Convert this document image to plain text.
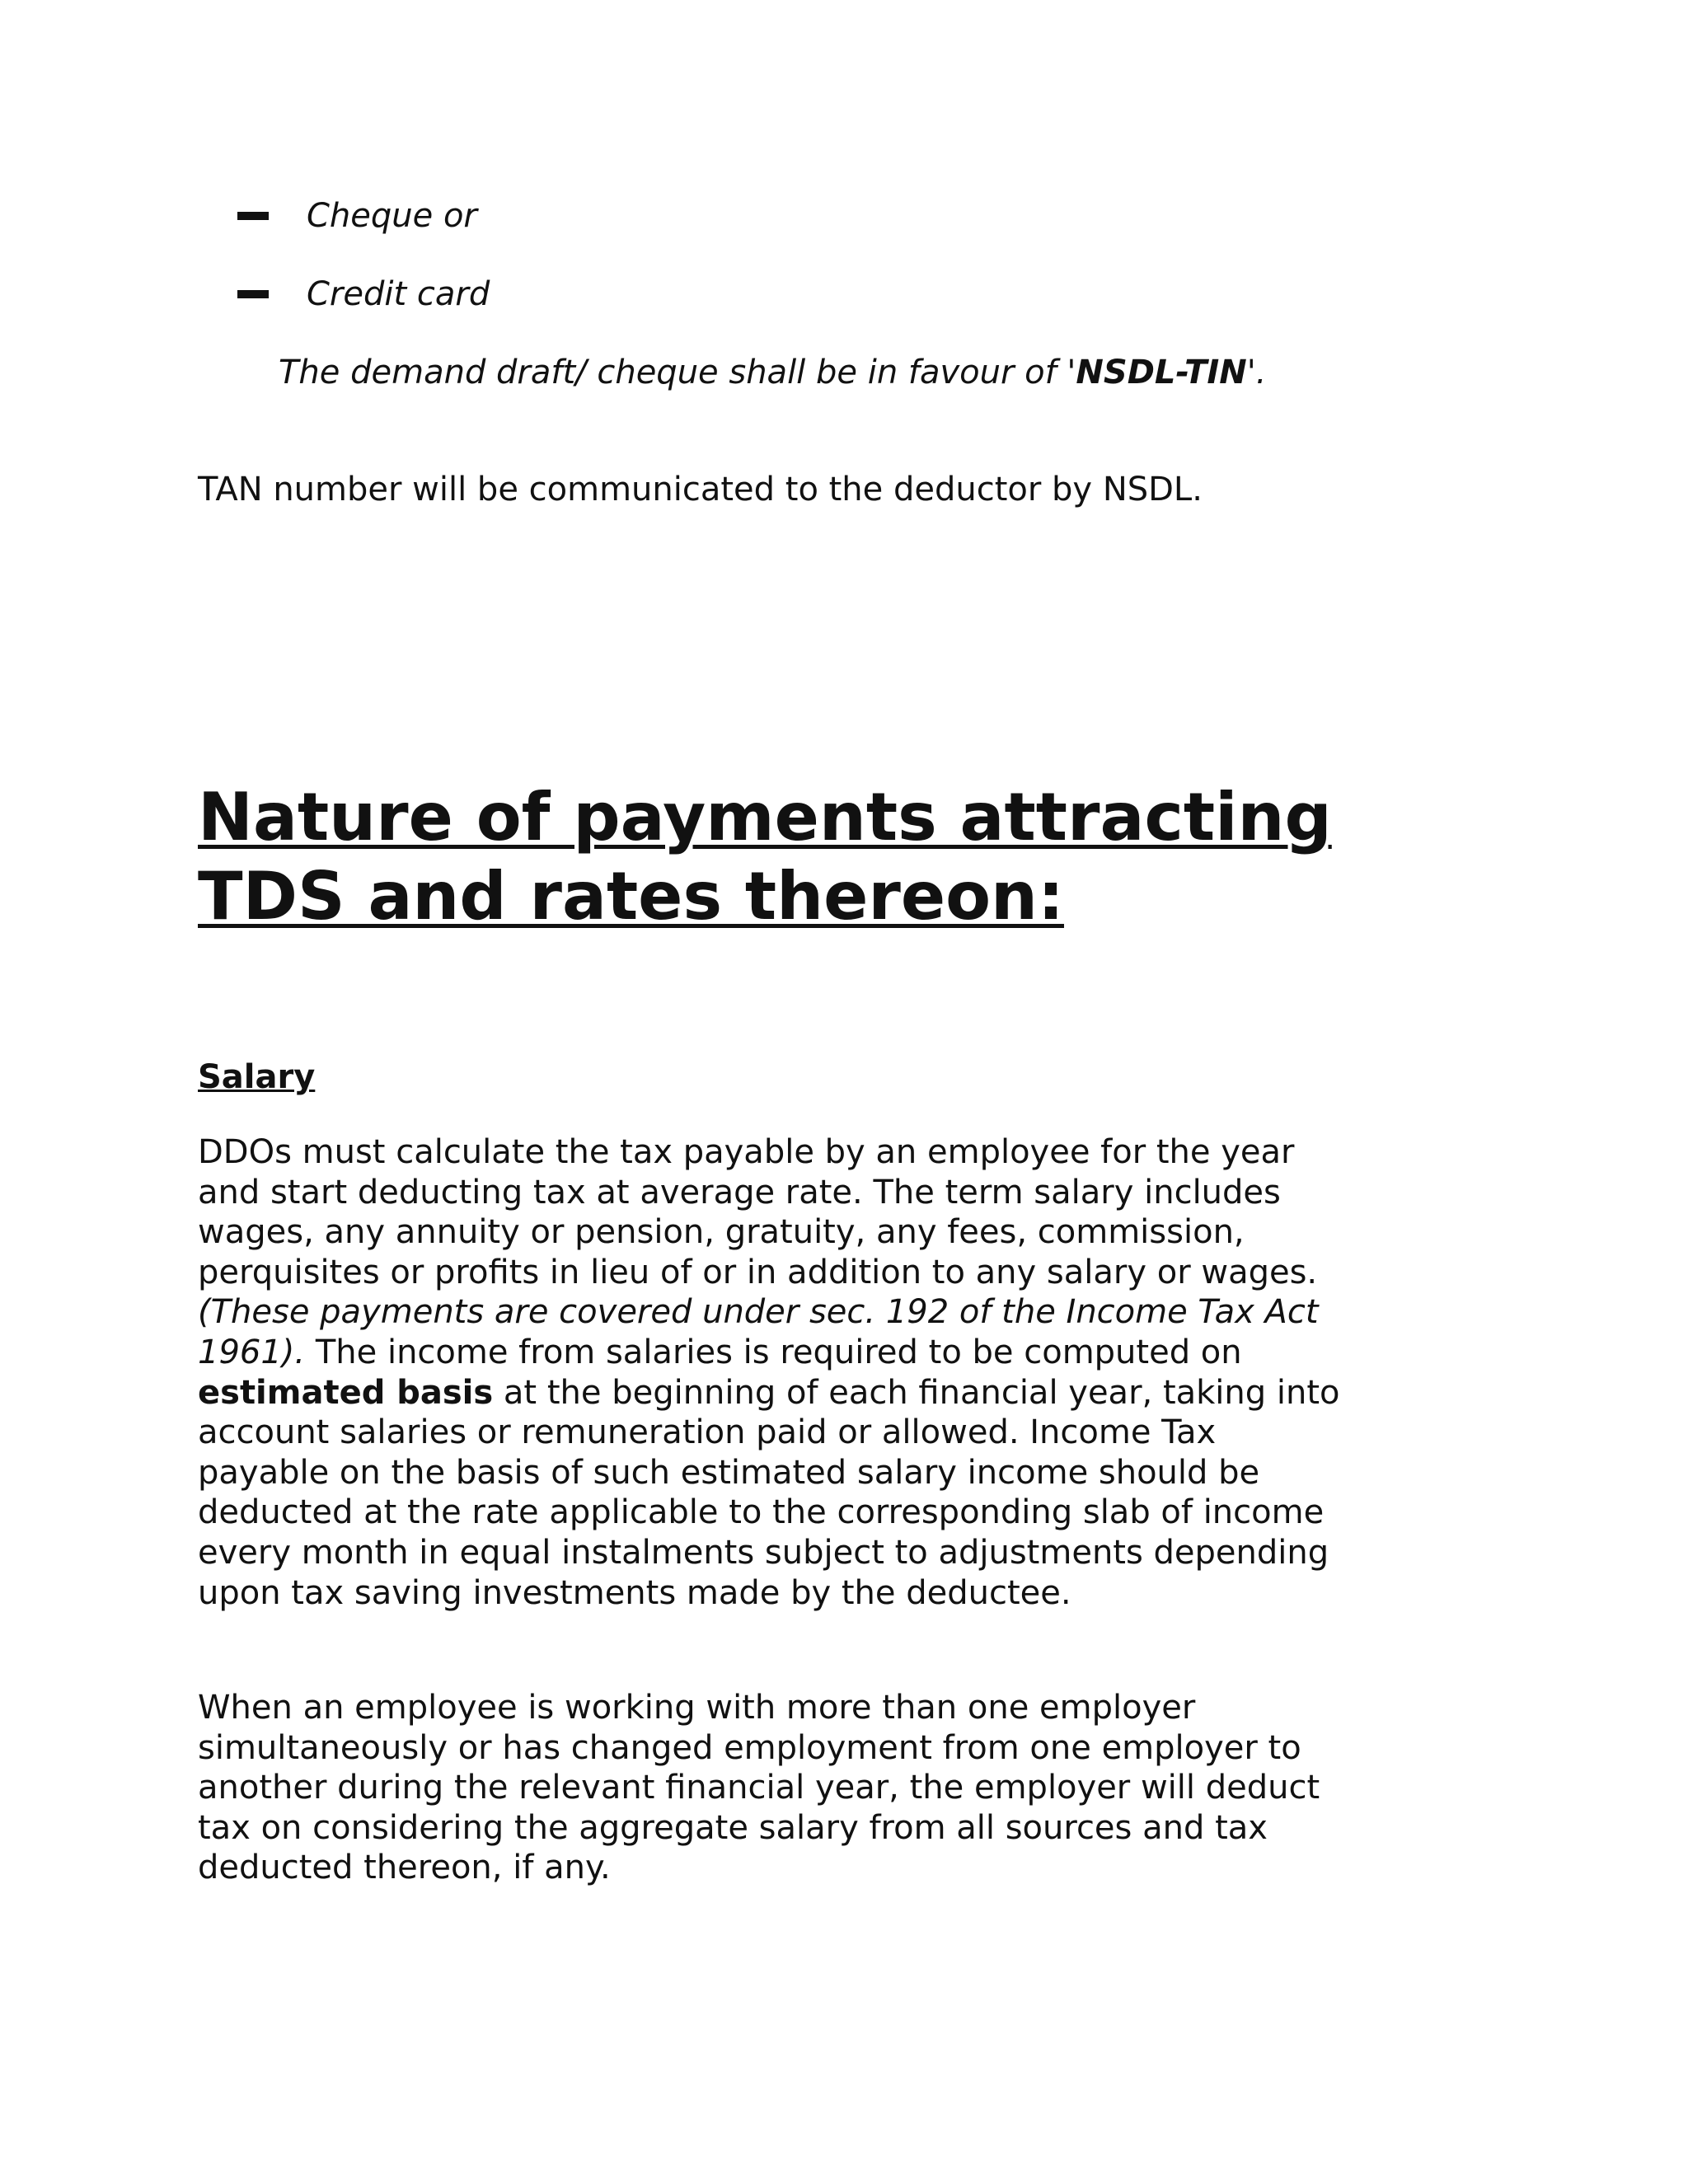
Cheque or
Credit card

The demand draft/ cheque shall be in favour of 'NSDL-TIN'.

TAN number will be communicated to the deductor by NSDL.

Nature of payments attracting TDS and rates thereon:
Salary

DDOs must calculate the tax payable by an employee for the year and start deducting tax at average rate. The term salary includes wages, any annuity or pension, gratuity, any fees, commission, perquisites or profits in lieu of or in addition to any salary or wages. (These payments are covered under sec. 192 of the Income Tax Act 1961). The income from salaries is required to be computed on estimated basis at the beginning of each financial year, taking into account salaries or remuneration paid or allowed. Income Tax payable on the basis of such estimated salary income should be deducted at the rate applicable to the corresponding slab of income every month in equal instalments subject to adjustments depending upon tax saving investments made by the deductee.

When an employee is working with more than one employer simultaneously or has changed employment from one employer to another during the relevant financial year, the employer will deduct tax on considering the aggregate salary from all sources and tax deducted thereon, if any.
